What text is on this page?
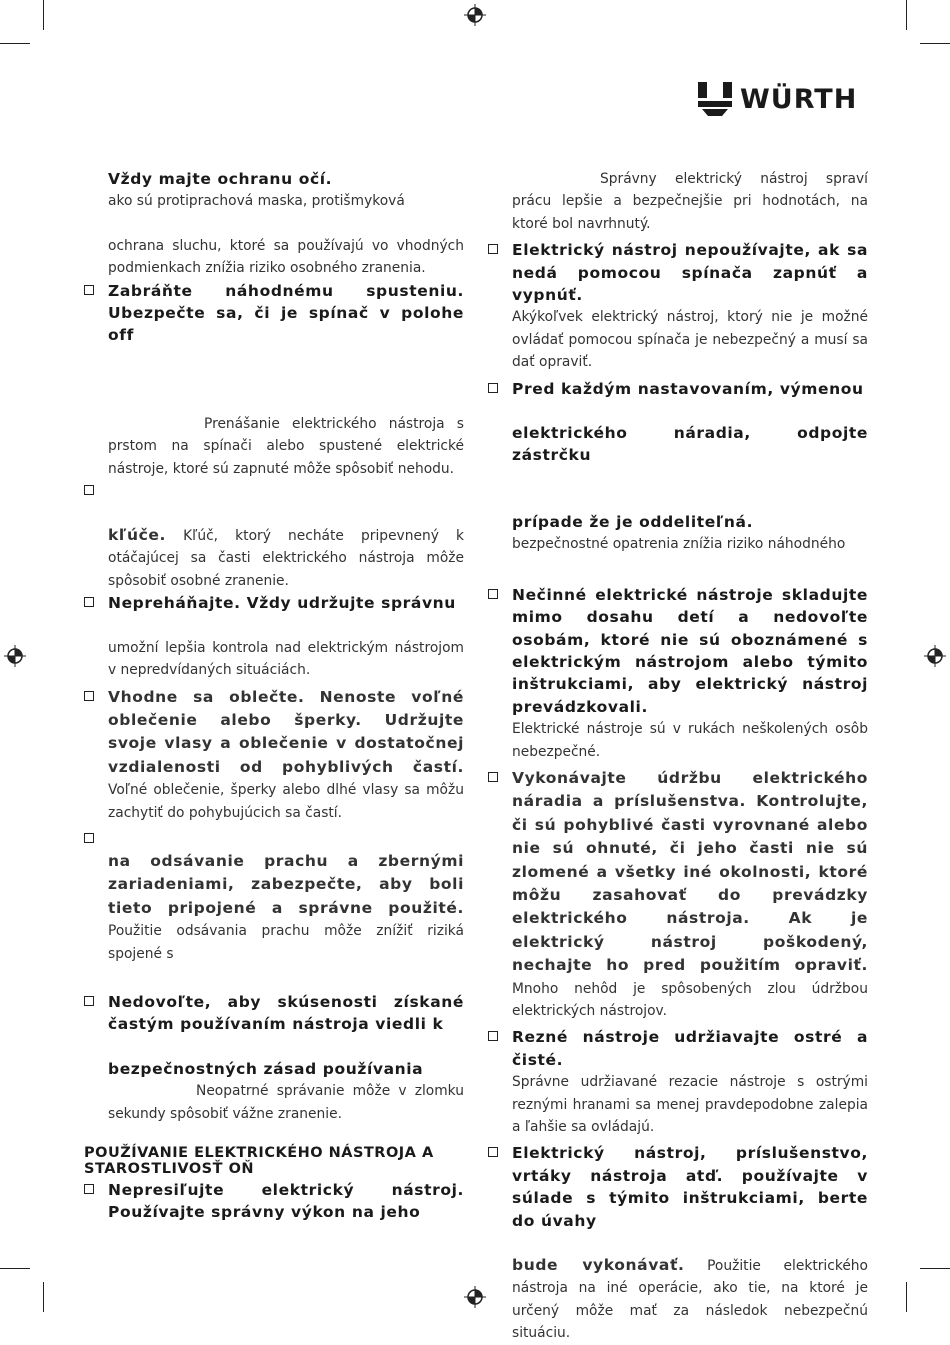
WÜRTH

Vždy majte ochranu očí.

ako sú protiprachová maska, protišmyková

ochrana sluchu, ktoré sa používajú vo vhodných podmienkach znížia riziko osobného zranenia.

Zabráňte náhodnému spusteniu. Ubezpečte sa, či je spínač v polohe off

Prenášanie elektrického nástroja s prstom na spínači alebo spustené elektrické nástroje, ktoré sú zapnuté môže spôsobiť nehodu.

kľúče. Kľúč, ktorý necháte pripevnený k otáčajúcej sa časti elektrického nástroja môže spôsobiť osobné zranenie.

Nepreháňajte. Vždy udržujte správnu

umožní lepšia kontrola nad elektrickým nástrojom v nepredvídaných situáciách.

Vhodne sa oblečte. Nenoste voľné oblečenie alebo šperky. Udržujte svoje vlasy a oblečenie v dostatočnej vzdialenosti od pohyblivých častí. Voľné oblečenie, šperky alebo dlhé vlasy sa môžu zachytiť do pohybujúcich sa častí.

na odsávanie prachu a zbernými zariadeniami, zabezpečte, aby boli tieto pripojené a správne použité. Použitie odsávania prachu môže znížiť riziká spojené s

Nedovoľte, aby skúsenosti získané častým používaním nástroja viedli k

bezpečnostných zásad používania

Neopatrné správanie môže v zlomku sekundy spôsobiť vážne zranenie.

POUŽÍVANIE ELEKTRICKÉHO NÁSTROJA A STAROSTLIVOSŤ OŇ

Nepresiľujte elektrický nástroj. Používajte správny výkon na jeho

Správny elektrický nástroj spraví prácu lepšie a bezpečnejšie pri hodnotách, na ktoré bol navrhnutý.

Elektrický nástroj nepoužívajte, ak sa nedá pomocou spínača zapnúť a vypnúť.

Akýkoľvek elektrický nástroj, ktorý nie je možné ovládať pomocou spínača je nebezpečný a musí sa dať opraviť.

Pred každým nastavovaním, výmenou

elektrického náradia, odpojte zástrčku

prípade že je oddeliteľná.

bezpečnostné opatrenia znížia riziko náhodného

Nečinné elektrické nástroje skladujte mimo dosahu detí a nedovoľte osobám, ktoré nie sú oboznámené s elektrickým nástrojom alebo týmito inštrukciami, aby elektrický nástroj prevádzkovali.

Elektrické nástroje sú v rukách neškolených osôb nebezpečné.

Vykonávajte údržbu elektrického náradia a príslušenstva. Kontrolujte, či sú pohyblivé časti vyrovnané alebo nie sú ohnuté, či jeho časti nie sú zlomené a všetky iné okolnosti, ktoré môžu zasahovať do prevádzky elektrického nástroja. Ak je elektrický nástroj poškodený, nechajte ho pred použitím opraviť. Mnoho nehôd je spôsobených zlou údržbou elektrických nástrojov.

Rezné nástroje udržiavajte ostré a čisté.

Správne udržiavané rezacie nástroje s ostrými reznými hranami sa menej pravdepodobne zalepia a ľahšie sa ovládajú.

Elektrický nástroj, príslušenstvo, vrtáky nástroja atď. používajte v súlade s týmito inštrukciami, berte do úvahy

bude vykonávať. Použitie elektrického nástroja na iné operácie, ako tie, na ktoré je určený môže mať za následok nebezpečnú situáciu.
